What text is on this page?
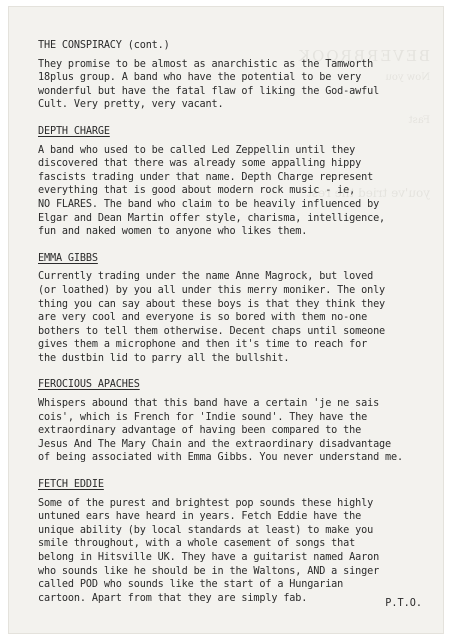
BEVERBROOK
Now you
Fast
you've tried the rest

THE CONSPIRACY (cont.)

They promise to be almost as anarchistic as the Tamworth
18plus group. A band who have the potential to be very
wonderful but have the fatal flaw of liking the God-awful
Cult. Very pretty, very vacant.

DEPTH CHARGE

A band who used to be called Led Zeppellin until they
discovered that there was already some appalling hippy
fascists trading under that name. Depth Charge represent
everything that is good about modern rock music - ie,
NO FLARES. The band who claim to be heavily influenced by
Elgar and Dean Martin offer style, charisma, intelligence,
fun and naked women to anyone who likes them.

EMMA GIBBS

Currently trading under the name Anne Magrock, but loved
(or loathed) by you all under this merry moniker. The only
thing you can say about these boys is that they think they
are very cool and everyone is so bored with them no-one
bothers to tell them otherwise. Decent chaps until someone
gives them a microphone and then it's time to reach for
the dustbin lid to parry all the bullshit.

FEROCIOUS APACHES

Whispers abound that this band have a certain 'je ne sais
cois', which is French for 'Indie sound'. They have the
extraordinary advantage of having been compared to the
Jesus And The Mary Chain and the extraordinary disadvantage
of being associated with Emma Gibbs. You never understand me.

FETCH EDDIE

Some of the purest and brightest pop sounds these highly
untuned ears have heard in years. Fetch Eddie have the
unique ability (by local standards at least) to make you
smile throughout, with a whole casement of songs that
belong in Hitsville UK. They have a guitarist named Aaron
who sounds like he should be in the Waltons, AND a singer
called POD who sounds like the start of a Hungarian
cartoon. Apart from that they are simply fab.	P.T.O.
